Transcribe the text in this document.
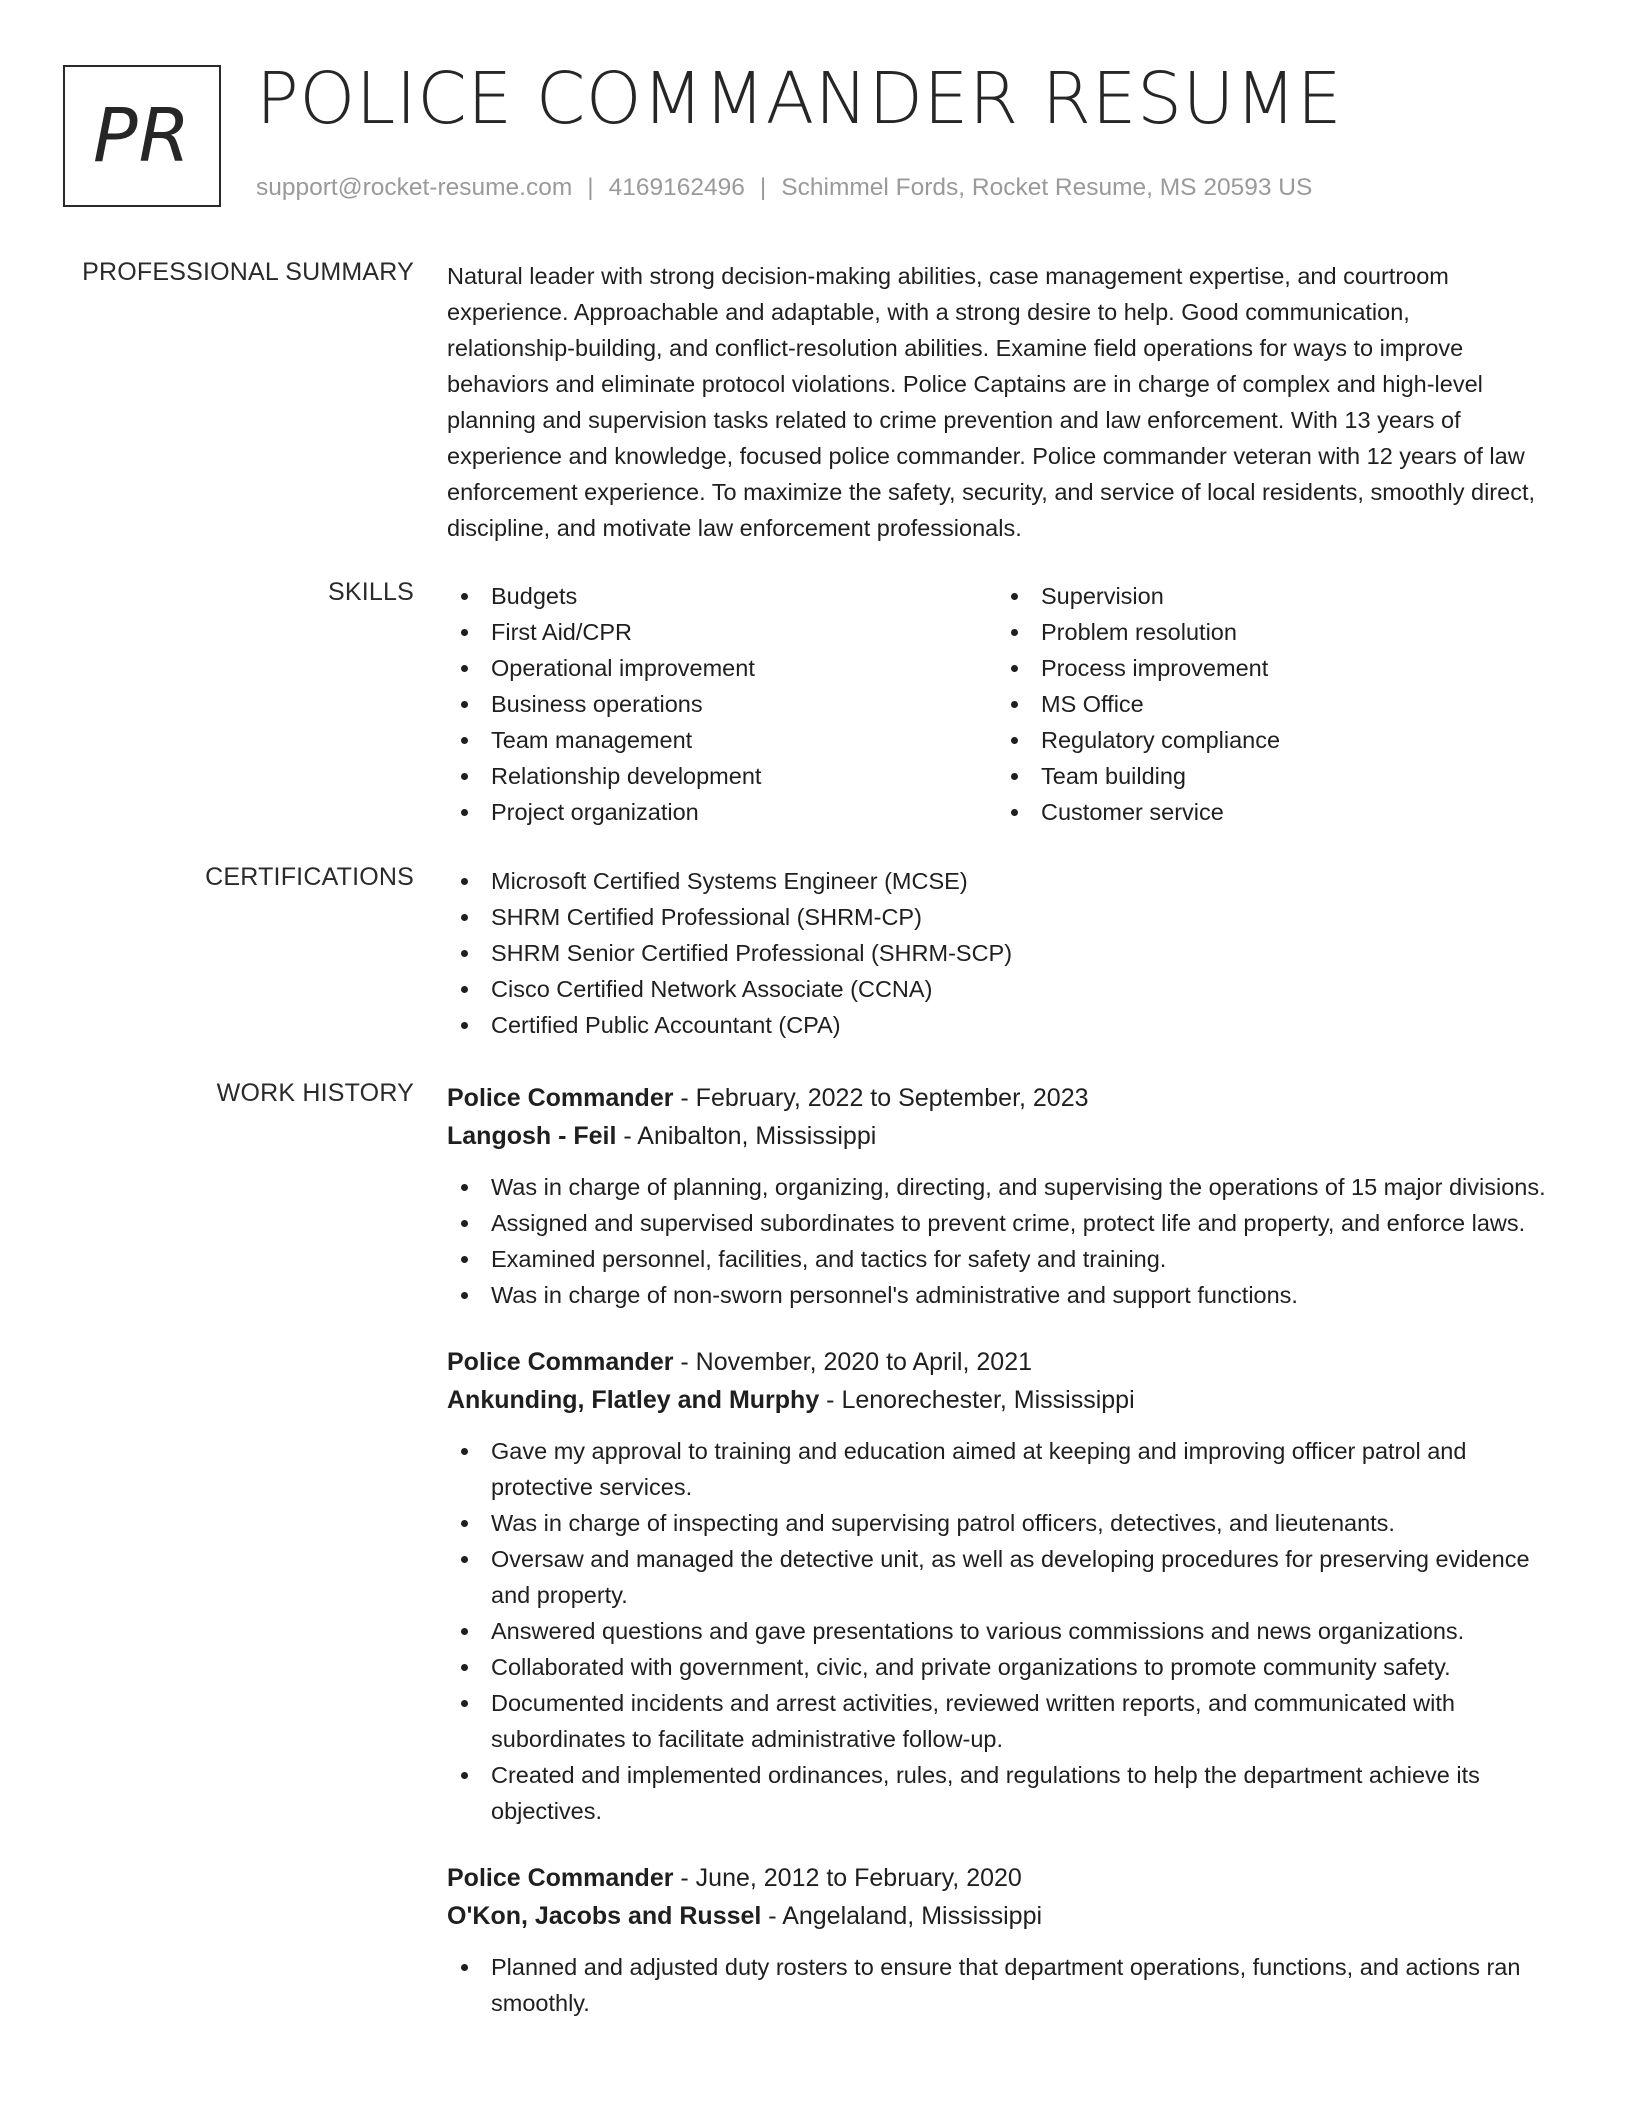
PR POLICE COMMANDER RESUME
support@rocket-resume.com | 4169162496 | Schimmel Fords, Rocket Resume, MS 20593 US
PROFESSIONAL SUMMARY Natural leader with strong decision-making abilities, case management expertise, and courtroom experience. Approachable and adaptable, with a strong desire to help. Good communication, relationship-building, and conflict-resolution abilities. Examine field operations for ways to improve behaviors and eliminate protocol violations. Police Captains are in charge of complex and high-level planning and supervision tasks related to crime prevention and law enforcement. With 13 years of experience and knowledge, focused police commander. Police commander veteran with 12 years of law enforcement experience. To maximize the safety, security, and service of local residents, smoothly direct, discipline, and motivate law enforcement professionals.

SKILLS	Budgets
First Aid/CPR
Operational improvement
Business operations
Team management
Relationship development
Project organization
Supervision
Problem resolution
Process improvement
MS Office
Regulatory compliance
Team building
Customer service
CERTIFICATIONS	Microsoft Certified Systems Engineer (MCSE)
SHRM Certified Professional (SHRM-CP)
SHRM Senior Certified Professional (SHRM-SCP)
Cisco Certified Network Associate (CCNA)
Certified Public Accountant (CPA)
WORK HISTORY Police Commander - February, 2022 to September, 2023
Langosh - Feil - Anibalton, Mississippi
Was in charge of planning, organizing, directing, and supervising the operations of 15 major divisions.
Assigned and supervised subordinates to prevent crime, protect life and property, and enforce laws.
Examined personnel, facilities, and tactics for safety and training.
Was in charge of non-sworn personnel's administrative and support functions.
Police Commander - November, 2020 to April, 2021
Ankunding, Flatley and Murphy - Lenorechester, Mississippi
Gave my approval to training and education aimed at keeping and improving officer patrol and protective services.
Was in charge of inspecting and supervising patrol officers, detectives, and lieutenants.
Oversaw and managed the detective unit, as well as developing procedures for preserving evidence and property.
Answered questions and gave presentations to various commissions and news organizations.
Collaborated with government, civic, and private organizations to promote community safety.
Documented incidents and arrest activities, reviewed written reports, and communicated with subordinates to facilitate administrative follow-up.
Created and implemented ordinances, rules, and regulations to help the department achieve its objectives.
Police Commander - June, 2012 to February, 2020
O'Kon, Jacobs and Russel - Angelaland, Mississippi
Planned and adjusted duty rosters to ensure that department operations, functions, and actions ran smoothly.
